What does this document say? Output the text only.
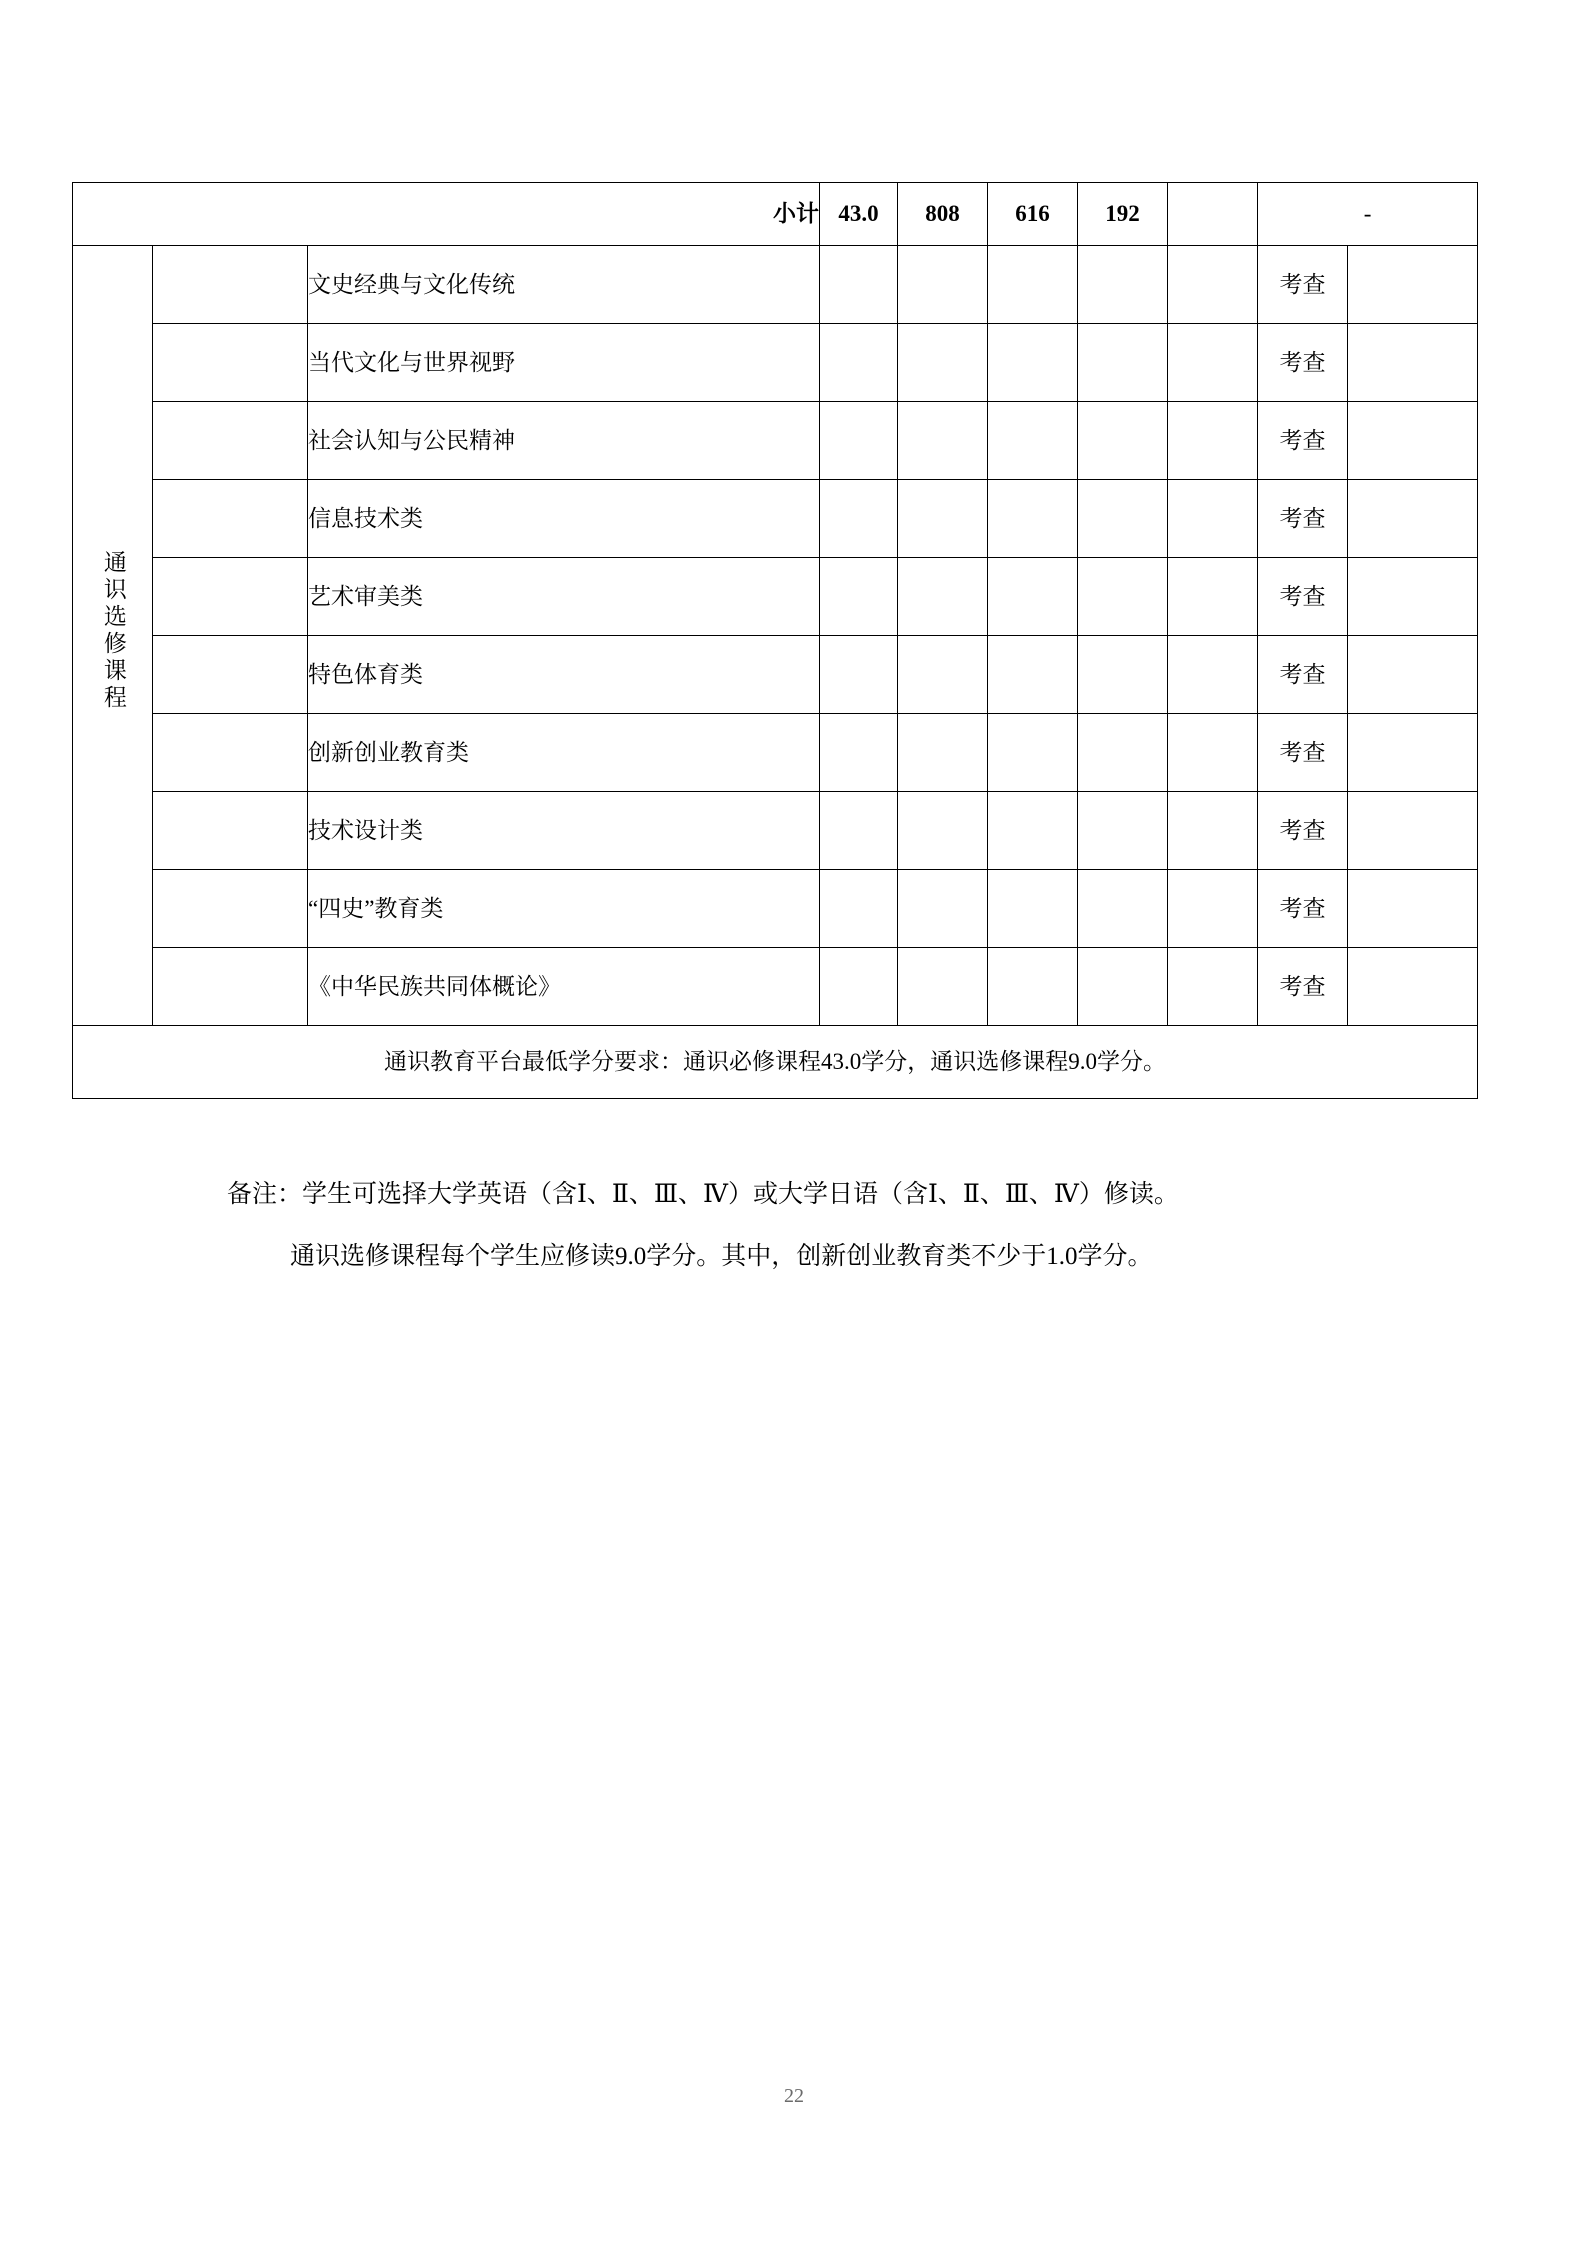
小计			43.0	808	616	192		-	
通识选修课程		文史经典与文化传统						考查	
		当代文化与世界视野						考查	
		社会认知与公民精神						考查	
		信息技术类						考查	
		艺术审美类						考查	
		特色体育类						考查	
		创新创业教育类						考查	
		技术设计类						考查	
		“四史”教育类						考查	
		《中华民族共同体概论》						考查	
通识教育平台最低学分要求：通识必修课程43.0学分，通识选修课程9.0学分。									

备注：学生可选择大学英语（含Ⅰ、Ⅱ、Ⅲ、Ⅳ）或大学日语（含Ⅰ、Ⅱ、Ⅲ、Ⅳ）修读。

通识选修课程每个学生应修读9.0学分。其中，创新创业教育类不少于1.0学分。

22
